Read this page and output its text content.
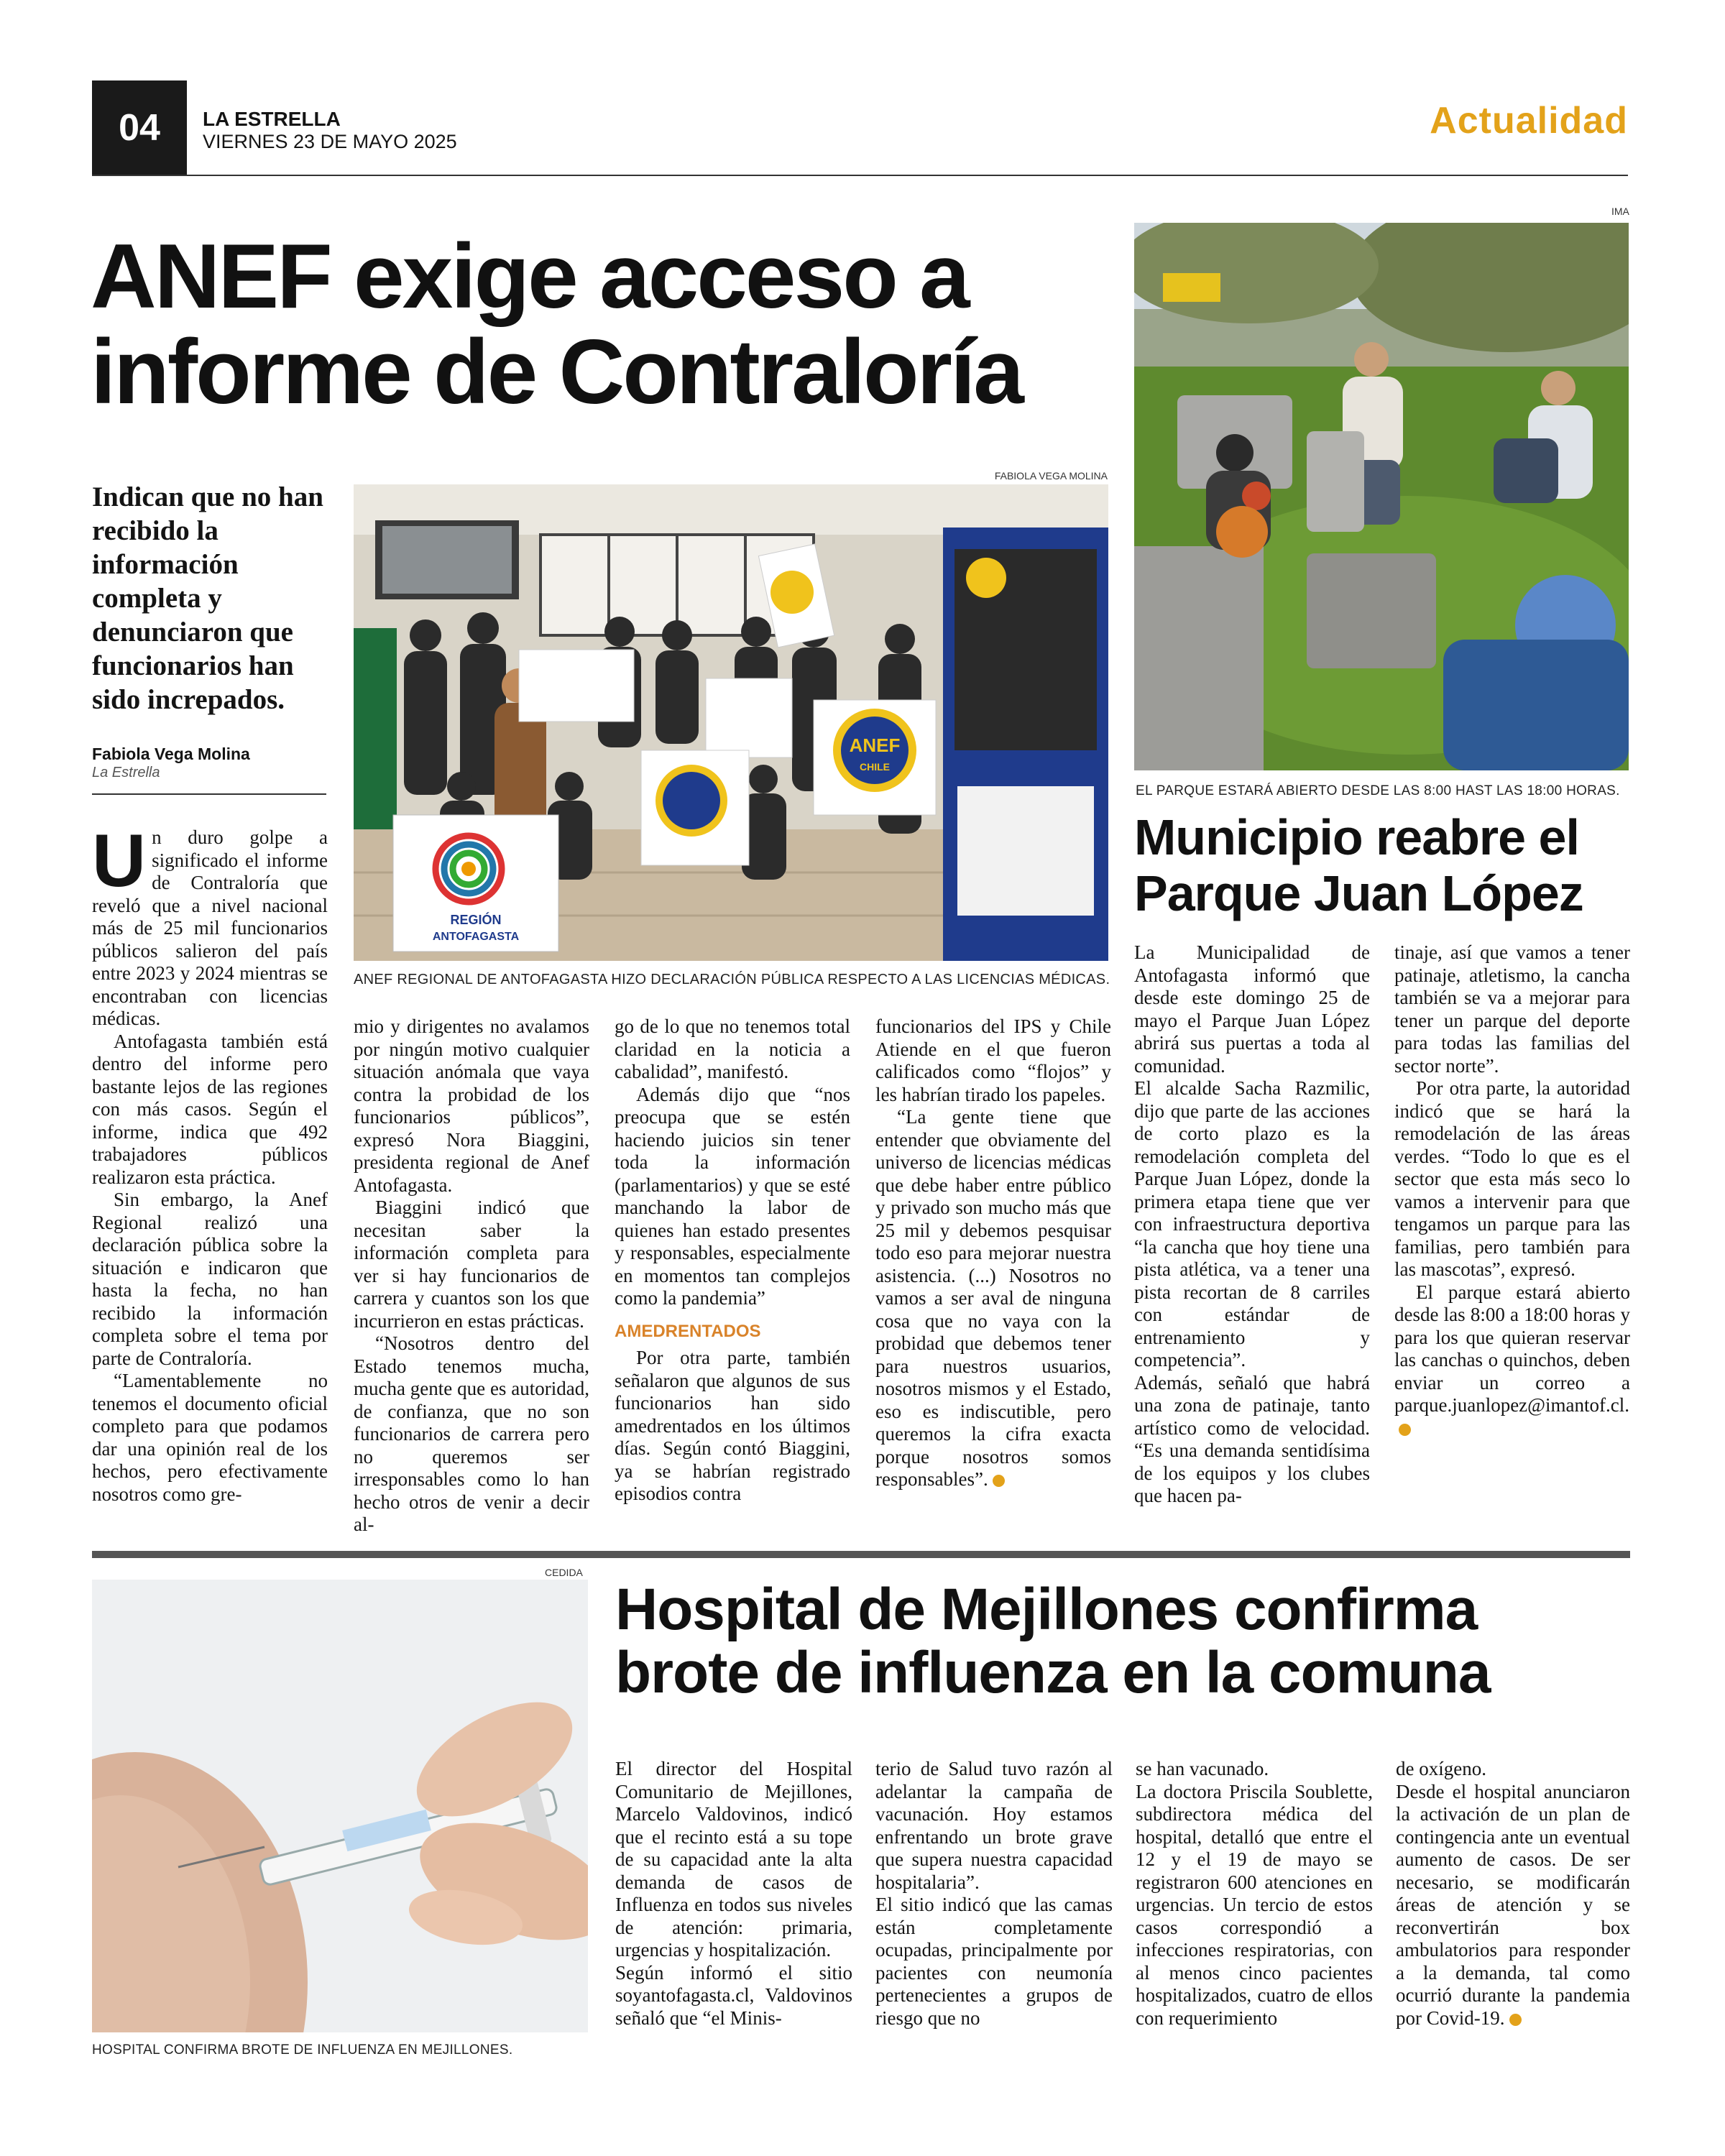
04	LA ESTRELLA
VIERNES 23 DE MAYO 2025	Actualidad
ANEF exige acceso a
informe de Contraloría
Indican que no han recibido la información completa y denunciaron que funcionarios han sido increpados.
Fabiola Vega Molina
La Estrella
FABIOLA VEGA MOLINA
REGIÓN
ANTOFAGASTA
ANEF
CHILE
ANEF REGIONAL DE ANTOFAGASTA HIZO DECLARACIÓN PÚBLICA RESPECTO A LAS LICENCIAS MÉDICAS.
U n duro golpe a significado el informe de Contraloría que reveló que a nivel nacional más de 25 mil funcionarios públicos salieron del país entre 2023 y 2024 mientras se encontraban con licencias médicas.

Antofagasta también está dentro del informe pero bastante lejos de las regiones con más casos. Según el informe, indica que 492 trabajadores públicos realizaron esta práctica.

Sin embargo, la Anef Regional realizó una declaración pública sobre la situación e indicaron que hasta la fecha, no han recibido la información completa sobre el tema por parte de Contraloría.

“Lamentablemente no tenemos el documento oficial completo para que podamos dar una opinión real de los hechos, pero efectivamente nosotros como gre-

mio y dirigentes no avalamos por ningún motivo cualquier situación anómala que vaya contra la probidad de los funcionarios públicos”, expresó Nora Biaggini, presidenta regional de Anef Antofagasta.

Biaggini indicó que necesitan saber la información completa para ver si hay funcionarios de carrera y cuantos son los que incurrieron en estas prácticas.

“Nosotros dentro del Estado tenemos mucha, mucha gente que es autoridad, de confianza, que no son funcionarios de carrera pero no queremos ser irresponsables como lo han hecho otros de venir a decir al-

go de lo que no tenemos total claridad en la noticia a cabalidad”, manifestó.

Además dijo que “nos preocupa que se estén haciendo juicios sin tener toda la información (parlamentarios) y que se esté manchando la labor de quienes han estado presentes y responsables, especialmente en momentos tan complejos como la pandemia”

AMEDRENTADOS

Por otra parte, también señalaron que algunos de sus funcionarios han sido amedrentados en los últimos días. Según contó Biaggini, ya se habrían registrado episodios contra

funcionarios del IPS y Chile Atiende en el que fueron calificados como “flojos” y les habrían tirado los papeles.

“La gente tiene que entender que obviamente del universo de licencias médicas que debe haber entre público y privado son mucho más que 25 mil y debemos pesquisar todo eso para mejorar nuestra asistencia. (...) Nosotros no vamos a ser aval de ninguna cosa que no vaya con la probidad que debemos tener para nuestros usuarios, nosotros mismos y el Estado, eso es indiscutible, pero queremos la cifra exacta porque nosotros somos responsables”.

IMA
EL PARQUE ESTARÁ ABIERTO DESDE LAS 8:00 HAST LAS 18:00 HORAS.
Municipio reabre el
Parque Juan López

La Municipalidad de Antofagasta informó que desde este domingo 25 de mayo el Parque Juan López abrirá sus puertas a toda al comunidad.

El alcalde Sacha Razmilic, dijo que parte de las acciones de corto plazo es la remodelación completa del Parque Juan López, donde la primera etapa tiene que ver con infraestructura deportiva “la cancha que hoy tiene una pista atlética, va a tener una pista recortan de 8 carriles con estándar de entrenamiento y competencia”.

Además, señaló que habrá una zona de patinaje, tanto artístico como de velocidad. “Es una demanda sentidísima de los equipos y los clubes que hacen pa-

tinaje, así que vamos a tener patinaje, atletismo, la cancha también se va a mejorar para tener un parque del deporte para todas las familias del sector norte”.

Por otra parte, la autoridad indicó que se hará la remodelación de las áreas verdes. “Todo lo que es el sector que esta más seco lo vamos a intervenir para que tengamos un parque para las familias, pero también para las mascotas”, expresó.

El parque estará abierto desde las 8:00 a 18:00 horas y para los que quieran reservar las canchas o quinchos, deben enviar un correo a parque.juanlopez@imantof.cl.

CEDIDA
HOSPITAL CONFIRMA BROTE DE INFLUENZA EN MEJILLONES.
Hospital de Mejillones confirma
brote de influenza en la comuna

El director del Hospital Comunitario de Mejillones, Marcelo Valdovinos, indicó que el recinto está a su tope de su capacidad ante la alta demanda de casos de Influenza en todos sus niveles de atención: primaria, urgencias y hospitalización.

Según informó el sitio soyantofagasta.cl, Valdovinos señaló que “el Minis-

terio de Salud tuvo razón al adelantar la campaña de vacunación. Hoy estamos enfrentando un brote grave que supera nuestra capacidad hospitalaria”.

El sitio indicó que las camas están completamente ocupadas, principalmente por pacientes con neumonía pertenecientes a grupos de riesgo que no

se han vacunado.

La doctora Priscila Soublette, subdirectora médica del hospital, detalló que entre el 12 y el 19 de mayo se registraron 600 atenciones en urgencias. Un tercio de estos casos correspondió a infecciones respiratorias, con al menos cinco pacientes hospitalizados, cuatro de ellos con requerimiento

de oxígeno.

Desde el hospital anunciaron la activación de un plan de contingencia ante un eventual aumento de casos. De ser necesario, se modificarán áreas de atención y se reconvertirán box ambulatorios para responder a la demanda, tal como ocurrió durante la pandemia por Covid-19.
